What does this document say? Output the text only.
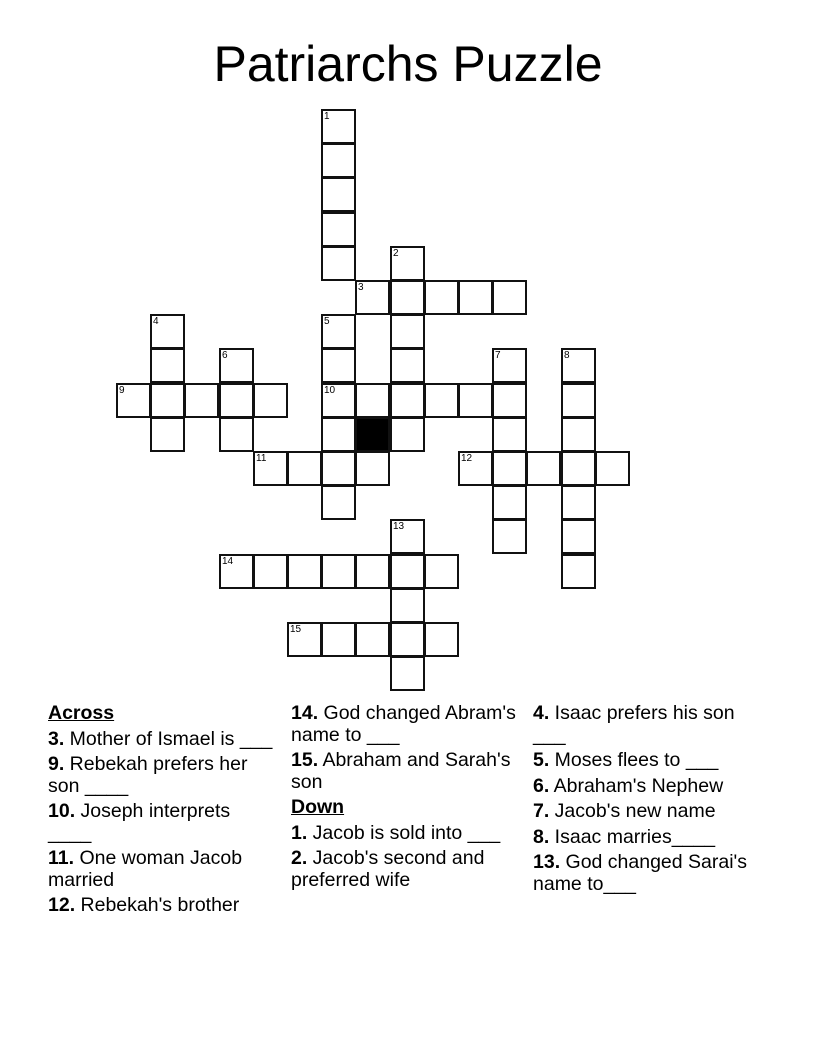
Patriarchs Puzzle
1
2
3
4	5
10
6	7	8
9
11	12
13
14
15
Across
3. Mother of Ismael is ___
9. Rebekah prefers her son ____
10. Joseph interprets ____
11. One woman Jacob married
12. Rebekah's brother
14. God changed Abram's name to ___
15. Abraham and Sarah's son
Down
1. Jacob is sold into ___
2. Jacob's second and preferred wife
4. Isaac prefers his son ___
5. Moses flees to ___
6. Abraham's Nephew
7. Jacob's new name
8. Isaac marries____
13. God changed Sarai's name to___
